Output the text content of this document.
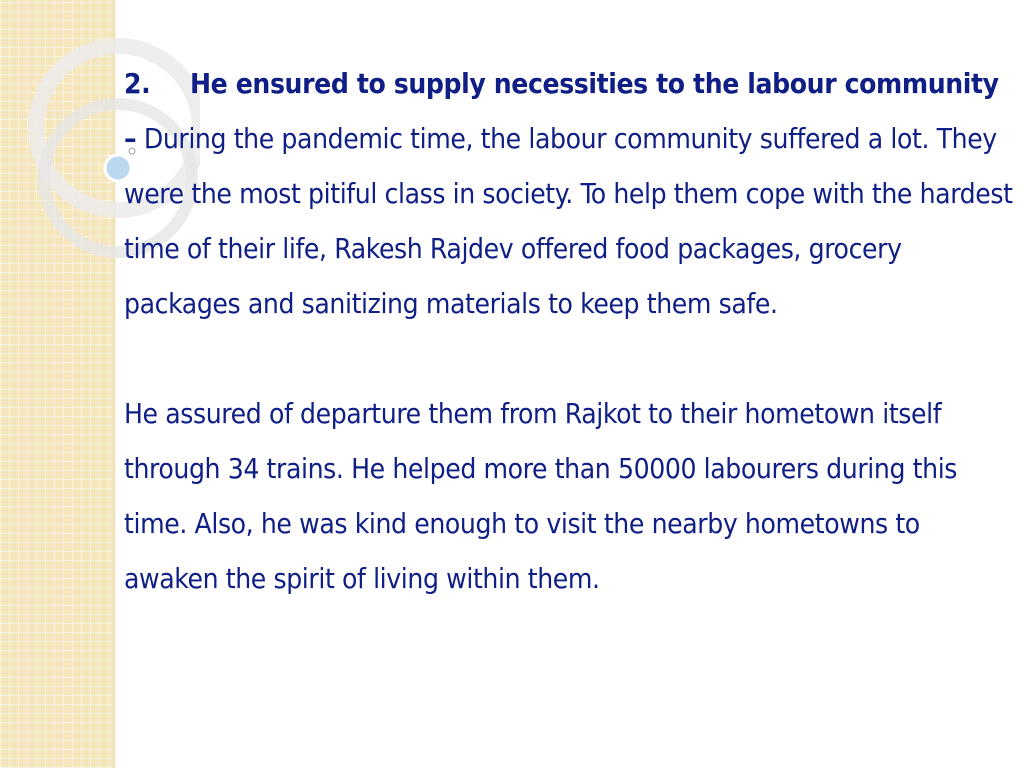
2. He ensured to supply necessities to the labour community – During the pandemic time, the labour community suffered a lot. They were the most pitiful class in society. To help them cope with the hardest time of their life, Rakesh Rajdev offered food packages, grocery packages and sanitizing materials to keep them safe.

He assured of departure them from Rajkot to their hometown itself through 34 trains. He helped more than 50000 labourers during this time. Also, he was kind enough to visit the nearby hometowns to awaken the spirit of living within them.
